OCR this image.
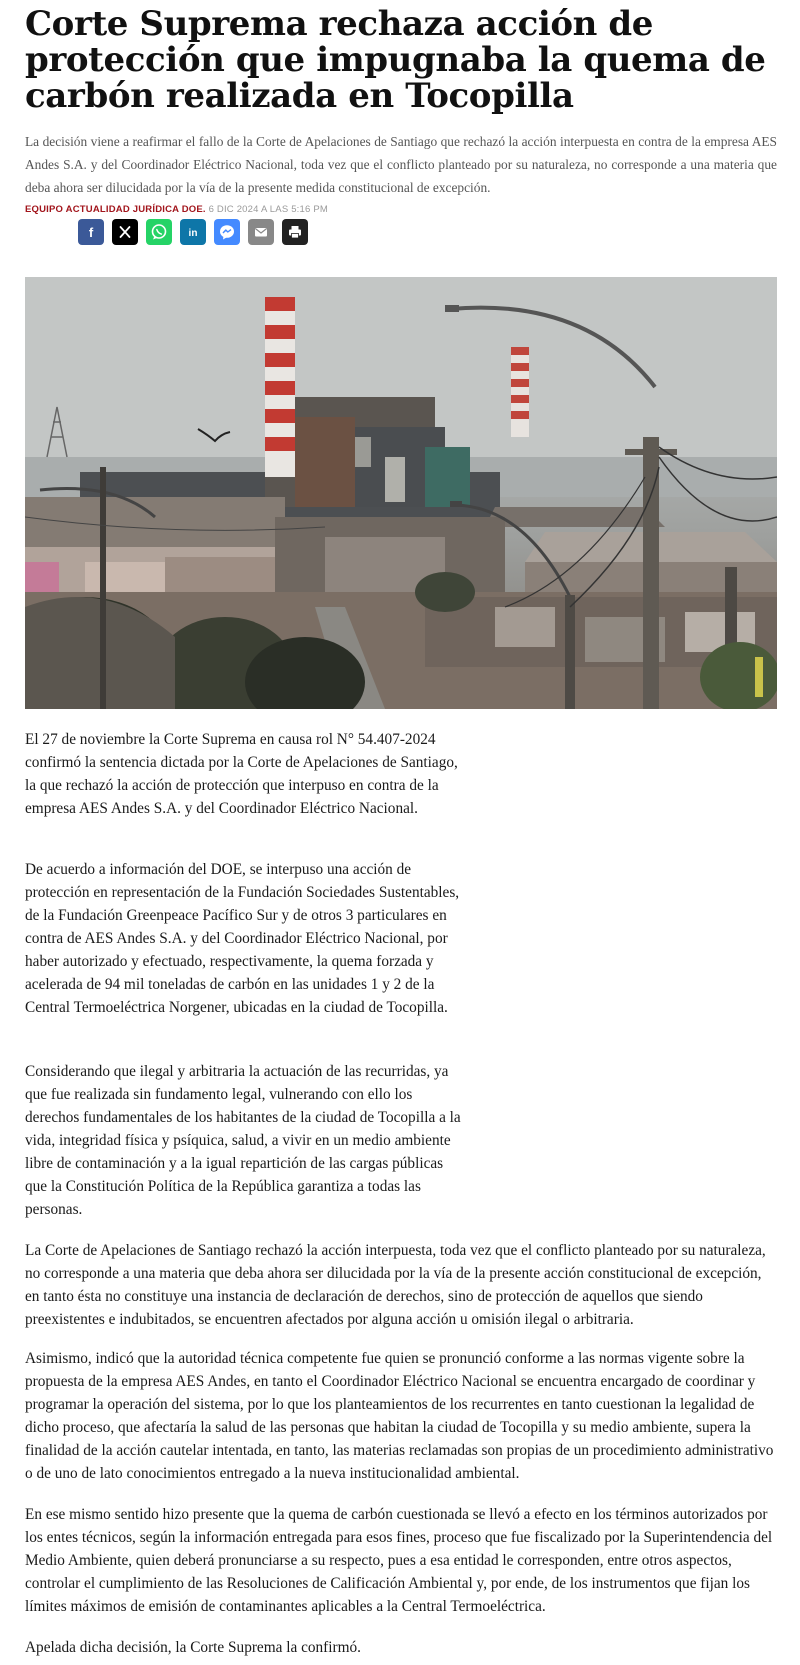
Corte Suprema rechaza acción de protección que impugnaba la quema de carbón realizada en Tocopilla

La decisión viene a reafirmar el fallo de la Corte de Apelaciones de Santiago que rechazó la acción interpuesta en contra de la empresa AES Andes S.A. y del Coordinador Eléctrico Nacional, toda vez que el conflicto planteado por su naturaleza, no corresponde a una materia que deba ahora ser dilucidada por la vía de la presente medida constitucional de excepción.

EQUIPO ACTUALIDAD JURÍDICA DOE. 6 DIC 2024 A LAS 5:16 PM

f	in

El 27 de noviembre la Corte Suprema en causa rol N° 54.407-2024 confirmó la sentencia dictada por la Corte de Apelaciones de Santiago, la que rechazó la acción de protección que interpuso en contra de la empresa AES Andes S.A. y del Coordinador Eléctrico Nacional.

De acuerdo a información del DOE, se interpuso una acción de protección en representación de la Fundación Sociedades Sustentables, de la Fundación Greenpeace Pacífico Sur y de otros 3 particulares en contra de AES Andes S.A. y del Coordinador Eléctrico Nacional, por haber autorizado y efectuado, respectivamente, la quema forzada y acelerada de 94 mil toneladas de carbón en las unidades 1 y 2 de la Central Termoeléctrica Norgener, ubicadas en la ciudad de Tocopilla.

Considerando que ilegal y arbitraria la actuación de las recurridas, ya que fue realizada sin fundamento legal, vulnerando con ello los derechos fundamentales de los habitantes de la ciudad de Tocopilla a la vida, integridad física y psíquica, salud, a vivir en un medio ambiente libre de contaminación y a la igual repartición de las cargas públicas que la Constitución Política de la República garantiza a todas las personas.

La Corte de Apelaciones de Santiago rechazó la acción interpuesta, toda vez que el conflicto planteado por su naturaleza, no corresponde a una materia que deba ahora ser dilucidada por la vía de la presente acción constitucional de excepción, en tanto ésta no constituye una instancia de declaración de derechos, sino de protección de aquellos que siendo preexistentes e indubitados, se encuentren afectados por alguna acción u omisión ilegal o arbitraria.

Asimismo, indicó que la autoridad técnica competente fue quien se pronunció conforme a las normas vigente sobre la propuesta de la empresa AES Andes, en tanto el Coordinador Eléctrico Nacional se encuentra encargado de coordinar y programar la operación del sistema, por lo que los planteamientos de los recurrentes en tanto cuestionan la legalidad de dicho proceso, que afectaría la salud de las personas que habitan la ciudad de Tocopilla y su medio ambiente, supera la finalidad de la acción cautelar intentada, en tanto, las materias reclamadas son propias de un procedimiento administrativo o de uno de lato conocimientos entregado a la nueva institucionalidad ambiental.

En ese mismo sentido hizo presente que la quema de carbón cuestionada se llevó a efecto en los términos autorizados por los entes técnicos, según la información entregada para esos fines, proceso que fue fiscalizado por la Superintendencia del Medio Ambiente, quien deberá pronunciarse a su respecto, pues a esa entidad le corresponden, entre otros aspectos, controlar el cumplimiento de las Resoluciones de Calificación Ambiental y, por ende, de los instrumentos que fijan los límites máximos de emisión de contaminantes aplicables a la Central Termoeléctrica.

Apelada dicha decisión, la Corte Suprema la confirmó.
